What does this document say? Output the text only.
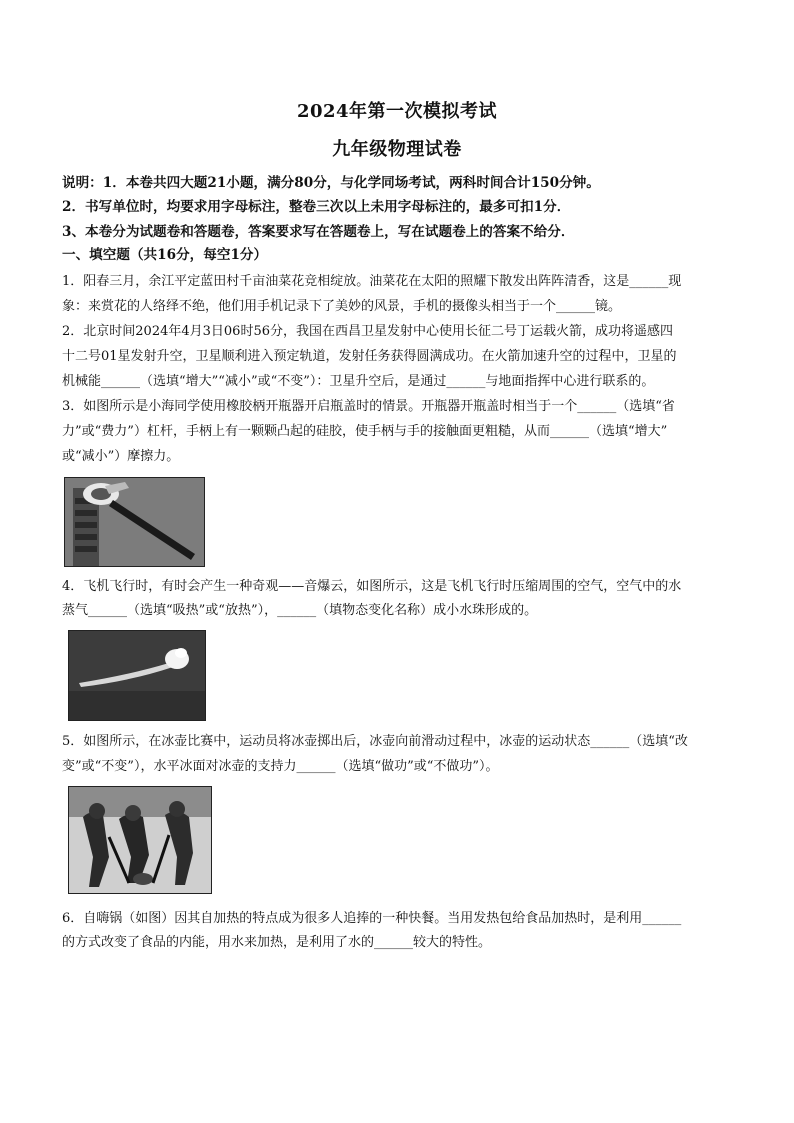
2024年第一次模拟考试
九年级物理试卷
说明：1．本卷共四大题21小题，满分80分，与化学同场考试，两科时间合计150分钟。
2．书写单位时，均要求用字母标注，整卷三次以上未用字母标注的，最多可扣1分．
3、本卷分为试题卷和答题卷，答案要求写在答题卷上，写在试题卷上的答案不给分．
一、填空题（共16分，每空1分）
1．阳春三月，余江平定蓝田村千亩油菜花竞相绽放。油菜花在太阳的照耀下散发出阵阵清香，这是______现
象：来赏花的人络绎不绝，他们用手机记录下了美妙的风景，手机的摄像头相当于一个______镜。
2．北京时间2024年4月3日06时56分，我国在西昌卫星发射中心使用长征二号丁运载火箭，成功将遥感四
十二号01星发射升空，卫星顺利进入预定轨道，发射任务获得圆满成功。在火箭加速升空的过程中，卫星的
机械能______（选填“增大”“减小”或“不变”）：卫星升空后，是通过______与地面指挥中心进行联系的。
3．如图所示是小海同学使用橡胶柄开瓶器开启瓶盖时的情景。开瓶器开瓶盖时相当于一个______（选填“省
力”或“费力”）杠杆，手柄上有一颗颗凸起的硅胶，使手柄与手的接触面更粗糙，从而______（选填“增大”
或“减小”）摩擦力。
4．飞机飞行时，有时会产生一种奇观——音爆云，如图所示，这是飞机飞行时压缩周围的空气，空气中的水
蒸气______（选填“吸热”或“放热”），______（填物态变化名称）成小水珠形成的。
5．如图所示，在冰壶比赛中，运动员将冰壶掷出后，冰壶向前滑动过程中，冰壶的运动状态______（选填“改
变”或“不变”），水平冰面对冰壶的支持力______（选填“做功”或“不做功”）。
6．自嗨锅（如图）因其自加热的特点成为很多人追捧的一种快餐。当用发热包给食品加热时，是利用______
的方式改变了食品的内能，用水来加热，是利用了水的______较大的特性。
